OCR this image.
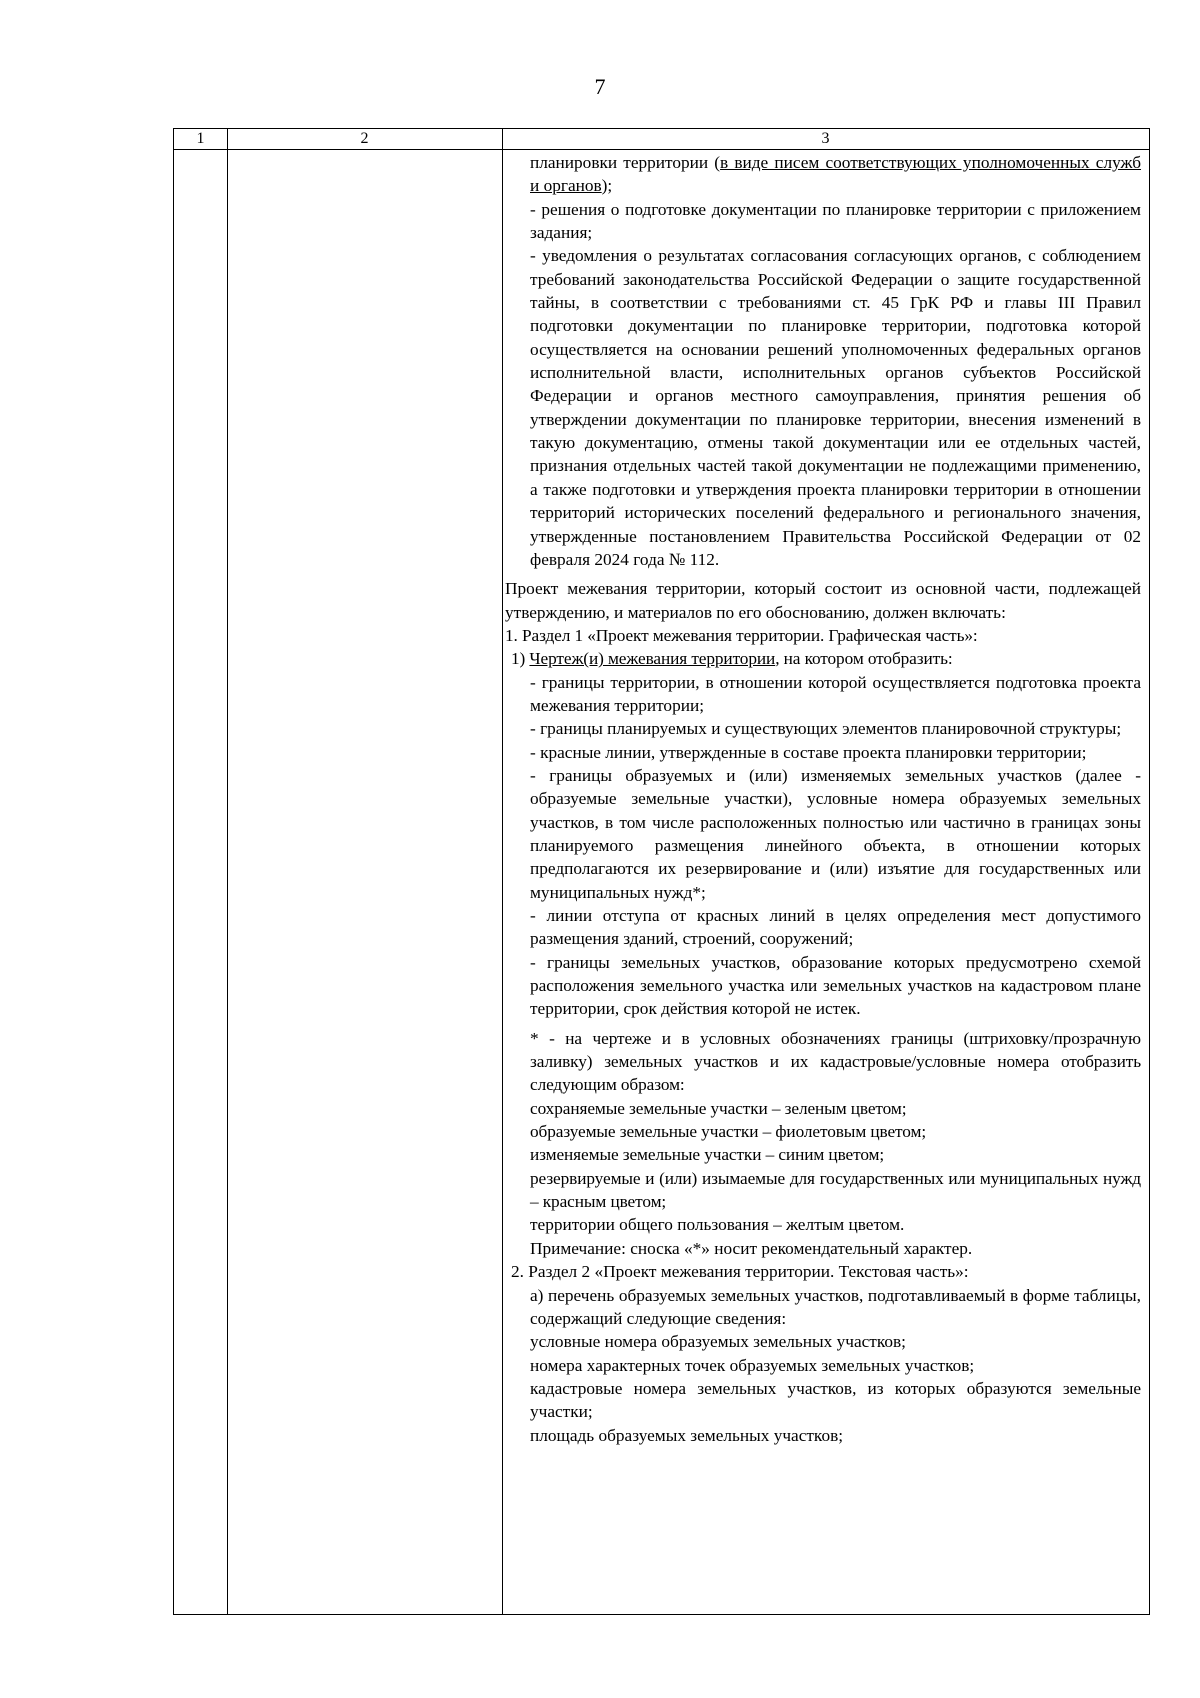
7
1	2	3

планировки территории (в виде писем соответствующих уполномоченных служб и органов);

- решения о подготовке документации по планировке территории с приложением задания;

- уведомления о результатах согласования согласующих органов, с соблюдением требований законодательства Российской Федерации о защите государственной тайны, в соответствии с требованиями ст. 45 ГрК РФ и главы III Правил подготовки документации по планировке территории, подготовка которой осуществляется на основании решений уполномоченных федеральных органов исполнительной власти, исполнительных органов субъектов Российской Федерации и органов местного самоуправления, принятия решения об утверждении документации по планировке территории, внесения изменений в такую документацию, отмены такой документации или ее отдельных частей, признания отдельных частей такой документации не подлежащими применению, а также подготовки и утверждения проекта планировки территории в отношении территорий исторических поселений федерального и регионального значения, утвержденные постановлением Правительства Российской Федерации от 02 февраля 2024 года № 112.

Проект межевания территории, который состоит из основной части, подлежащей утверждению, и материалов по его обоснованию, должен включать:

1. Раздел 1 «Проект межевания территории. Графическая часть»:

1) Чертеж(и) межевания территории, на котором отобразить:

- границы территории, в отношении которой осуществляется подготовка проекта межевания территории;

- границы планируемых и существующих элементов планировочной структуры;

- красные линии, утвержденные в составе проекта планировки территории;

- границы образуемых и (или) изменяемых земельных участков (далее - образуемые земельные участки), условные номера образуемых земельных участков, в том числе расположенных полностью или частично в границах зоны планируемого размещения линейного объекта, в отношении которых предполагаются их резервирование и (или) изъятие для государственных или муниципальных нужд*;

- линии отступа от красных линий в целях определения мест допустимого размещения зданий, строений, сооружений;

- границы земельных участков, образование которых предусмотрено схемой расположения земельного участка или земельных участков на кадастровом плане территории, срок действия которой не истек.

* - на чертеже и в условных обозначениях границы (штриховку/прозрачную заливку) земельных участков и их кадастровые/условные номера отобразить следующим образом:

сохраняемые земельные участки – зеленым цветом;

образуемые земельные участки – фиолетовым цветом;

изменяемые земельные участки – синим цветом;

резервируемые и (или) изымаемые для государственных или муниципальных нужд – красным цветом;

территории общего пользования – желтым цветом.

Примечание: сноска «*» носит рекомендательный характер.

2. Раздел 2 «Проект межевания территории. Текстовая часть»:

а) перечень образуемых земельных участков, подготавливаемый в форме таблицы, содержащий следующие сведения:

условные номера образуемых земельных участков;

номера характерных точек образуемых земельных участков;

кадастровые номера земельных участков, из которых образуются земельные участки;

площадь образуемых земельных участков;
